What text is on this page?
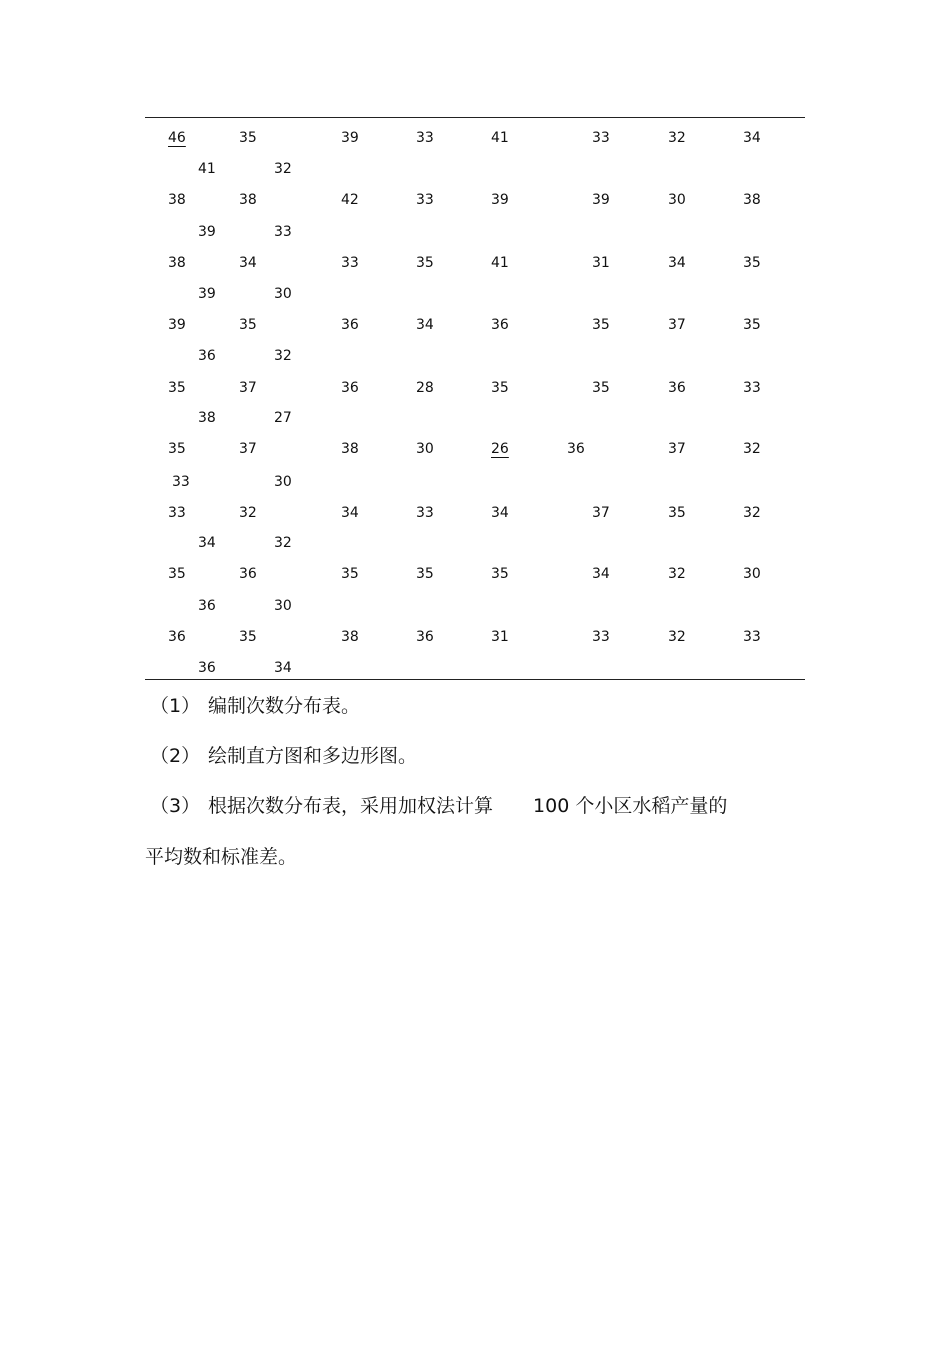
46	35	39	33	41	33	32	34
41	32
38	38	42	33	39	39	30	38
39	33
38	34	33	35	41	31	34	35
39	30
39	35	36	34	36	35	37	35
36	32
35	37	36	28	35	35	36	33
38	27
35	37	38	30	26	36	37	32
33	30
33	32	34	33	34	37	35	32
34	32
35	36	35	35	35	34	32	30
36	30
36	35	38	36	31	33	32	33
36	34
（1） 编制次数分布表。
（2） 绘制直方图和多边形图。
（3） 根据次数分布表，采用加权法计算 100 个小区水稻产量的
平均数和标准差。
